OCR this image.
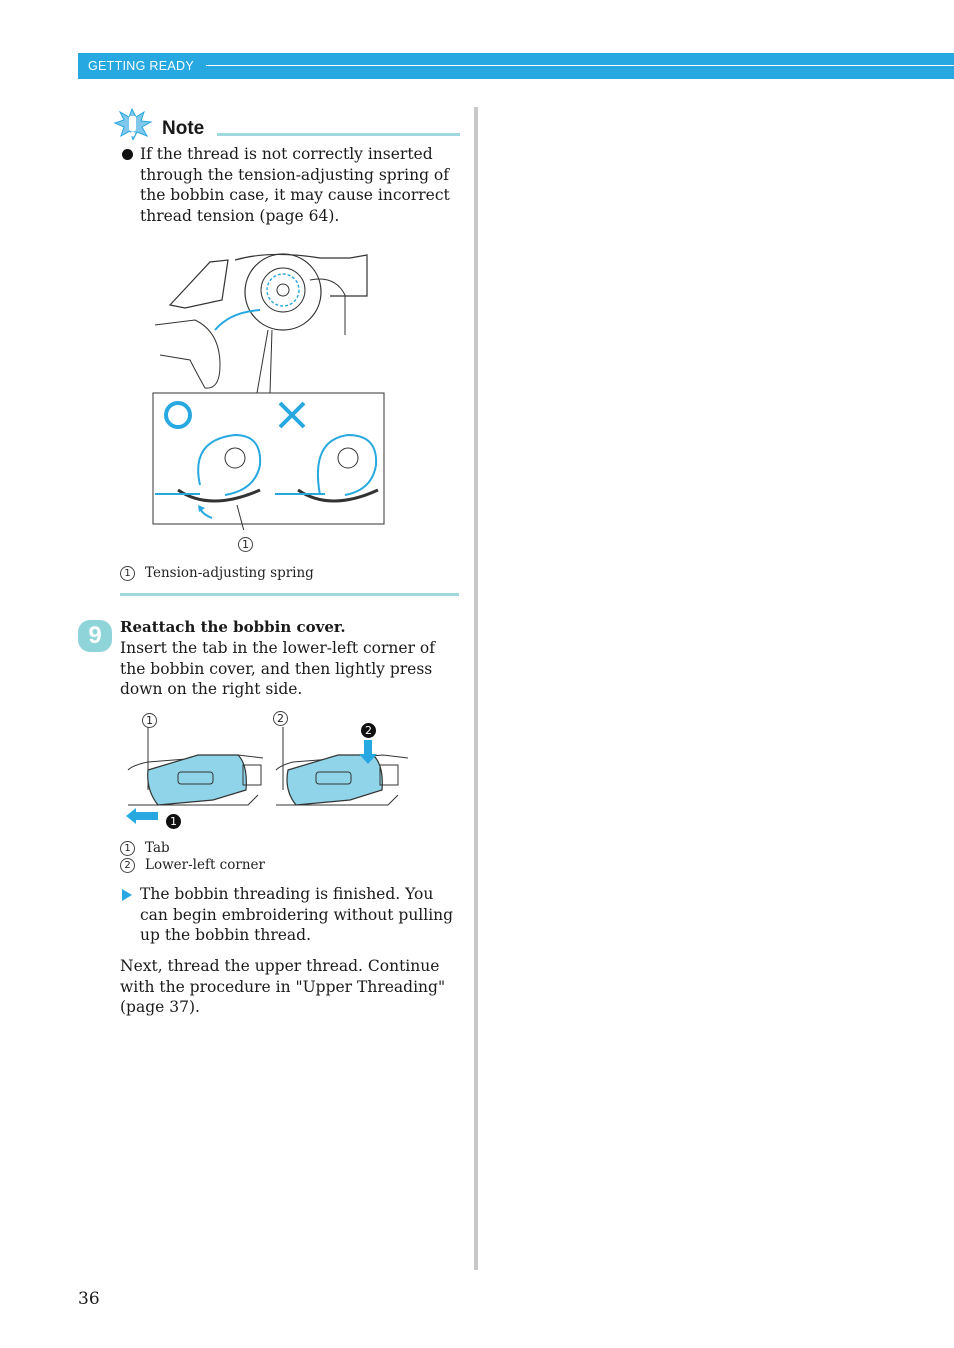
GETTING READY
Note
If the thread is not correctly inserted through the tension-adjusting spring of the bobbin case, it may cause incorrect thread tension (page 64).
1
1 Tension-adjusting spring
9	Reattach the bobbin cover.
Insert the tab in the lower-left corner of the bobbin cover, and then lightly press down on the right side.
1	2
1
2
1 Tab
2 Lower-left corner
The bobbin threading is finished. You can begin embroidering without pulling up the bobbin thread.
Next, thread the upper thread. Continue with the procedure in "Upper Threading" (page 37).
36
